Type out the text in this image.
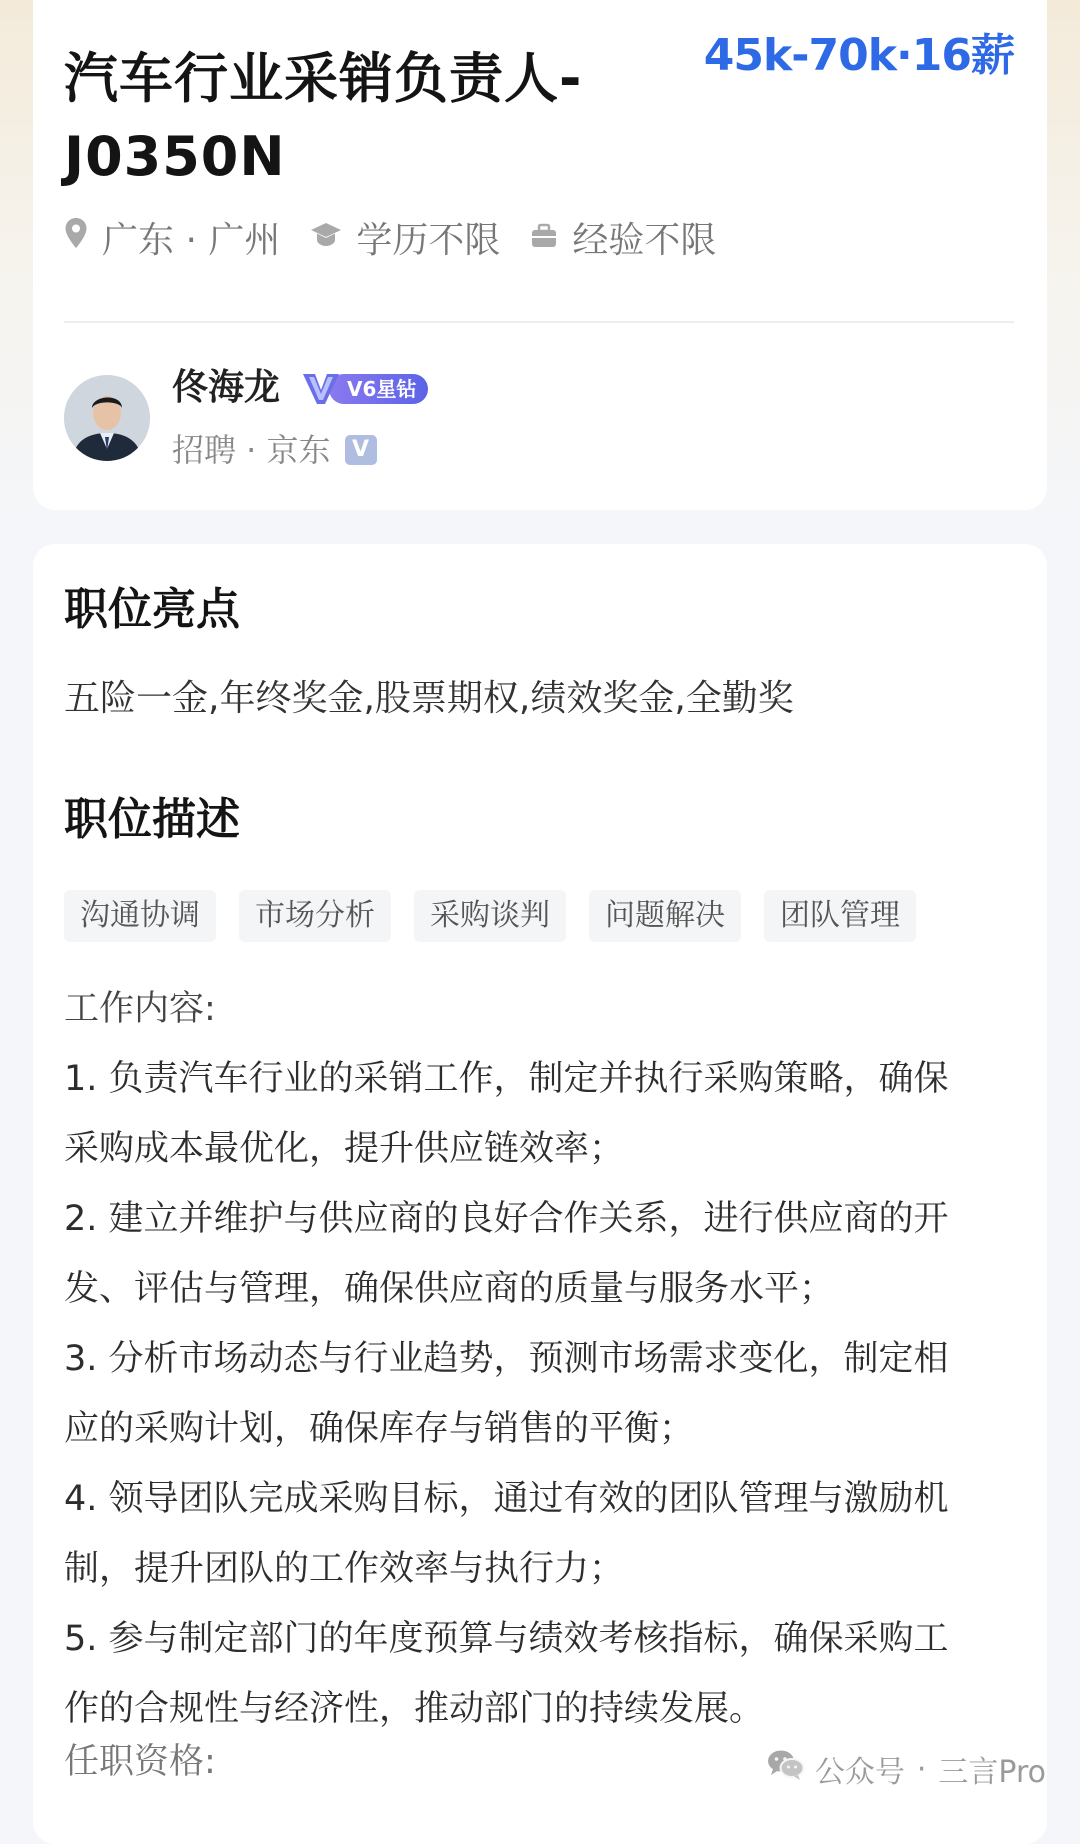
汽车行业采销负责人-
J0350N
45k-70k·16薪
广东 · 广州 学历不限 经验不限
佟海龙	V6星钻
招聘 · 京东 V
职位亮点
五险一金,年终奖金,股票期权,绩效奖金,全勤奖
职位描述
沟通协调	市场分析	采购谈判	问题解决	团队管理
工作内容:
1. 负责汽车行业的采销工作，制定并执行采购策略，确保
采购成本最优化，提升供应链效率；
2. 建立并维护与供应商的良好合作关系，进行供应商的开
发、评估与管理，确保供应商的质量与服务水平；
3. 分析市场动态与行业趋势，预测市场需求变化，制定相
应的采购计划，确保库存与销售的平衡；
4. 领导团队完成采购目标，通过有效的团队管理与激励机
制，提升团队的工作效率与执行力；
5. 参与制定部门的年度预算与绩效考核指标，确保采购工
作的合规性与经济性，推动部门的持续发展。
任职资格:	公众号 · 三言Pro
